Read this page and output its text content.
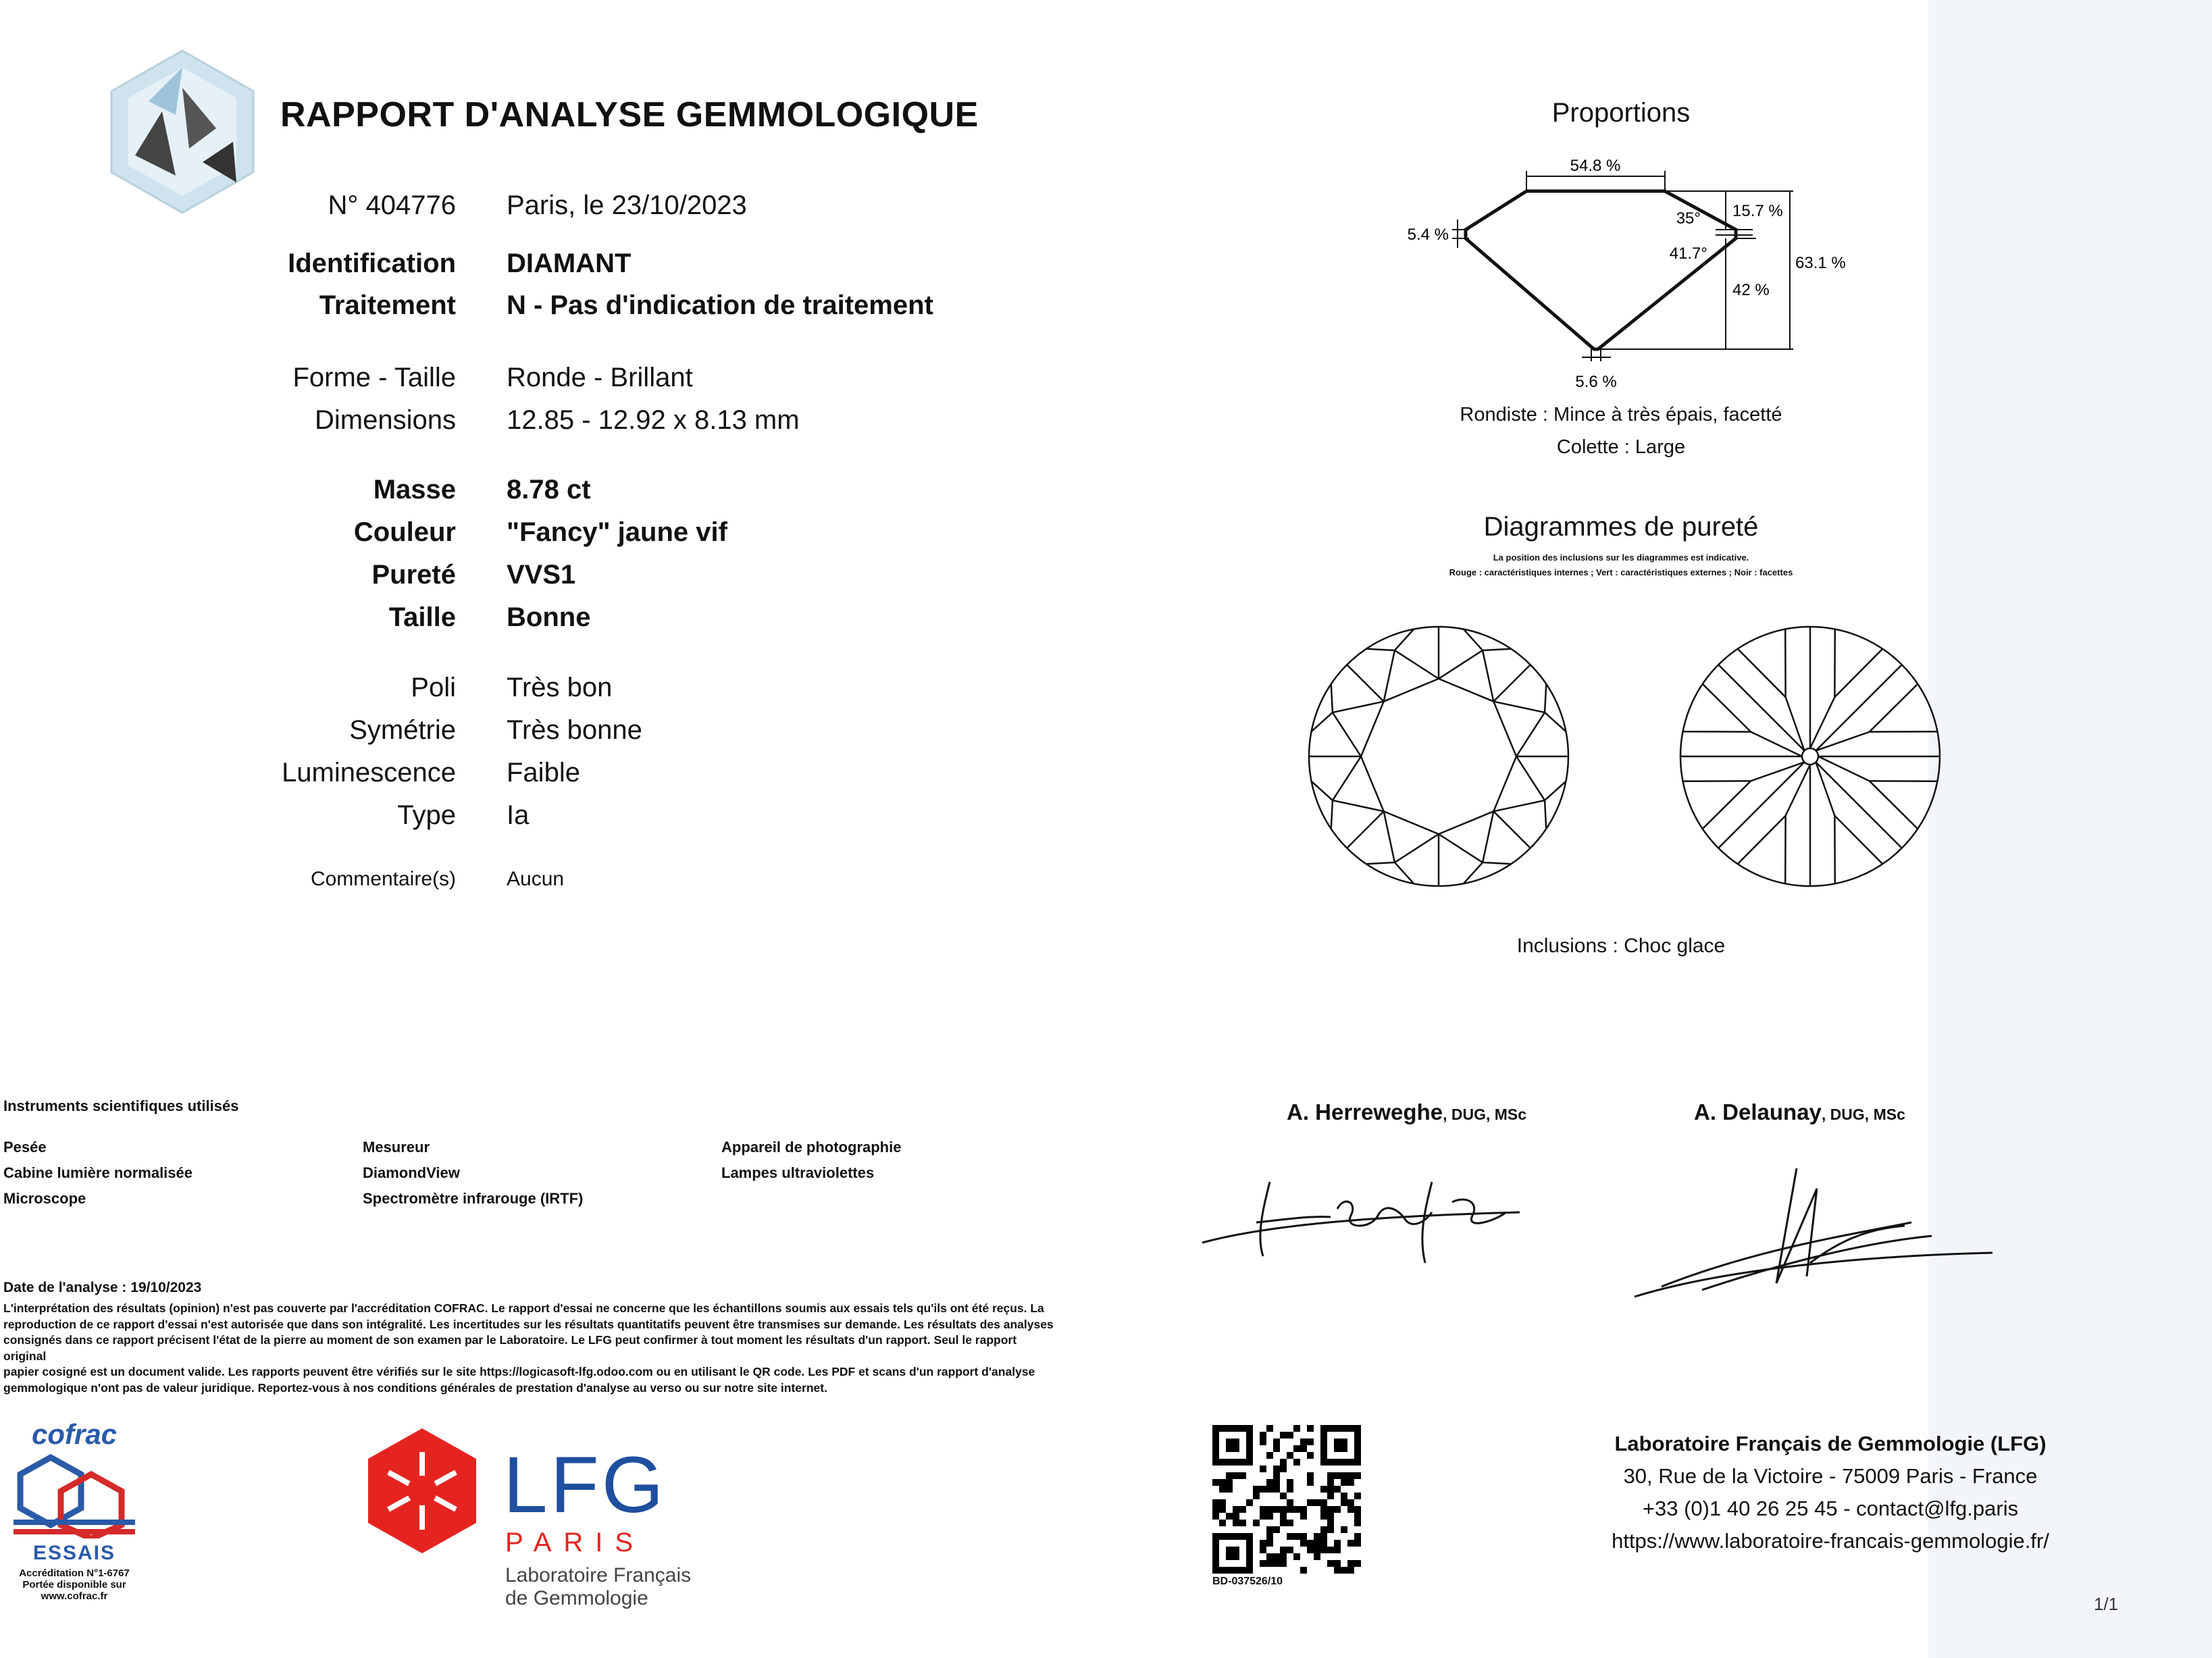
RAPPORT D'ANALYSE GEMMOLOGIQUE
N° 404776 Paris, le 23/10/2023
Identification DIAMANT
Traitement N - Pas d'indication de traitement
Forme - Taille Ronde - Brillant
Dimensions 12.85 - 12.92 x 8.13 mm
Masse 8.78 ct
Couleur "Fancy" jaune vif
Pureté VVS1
Taille Bonne
Poli Très bon
Symétrie Très bonne
Luminescence Faible
Type Ia
Commentaire(s)	Aucun
Proportions
54.8 %
5.4 %
35°
41.7°
15.7 %
42 %
63.1 %
5.6 %
Rondiste : Mince à très épais, facetté
Colette : Large
Diagrammes de pureté
La position des inclusions sur les diagrammes est indicative.
Rouge : caractéristiques internes ; Vert : caractéristiques externes ; Noir : facettes
Inclusions : Choc glace
Instruments scientifiques utilisés
Pesée
Cabine lumière normalisée
Microscope
Mesureur
DiamondView
Spectromètre infrarouge (IRTF)
Appareil de photographie
Lampes ultraviolettes
A. Herreweghe, DUG, MSc	A. Delaunay, DUG, MSc
Date de l'analyse : 19/10/2023
L'interprétation des résultats (opinion) n'est pas couverte par l'accréditation COFRAC. Le rapport d'essai ne concerne que les échantillons soumis aux essais tels qu'ils ont été reçus. La
reproduction de ce rapport d'essai n'est autorisée que dans son intégralité. Les incertitudes sur les résultats quantitatifs peuvent être transmises sur demande. Les résultats des analyses
consignés dans ce rapport précisent l'état de la pierre au moment de son examen par le Laboratoire. Le LFG peut confirmer à tout moment les résultats d'un rapport. Seul le rapport original
papier cosigné est un document valide. Les rapports peuvent être vérifiés sur le site https://logicasoft-lfg.odoo.com ou en utilisant le QR code. Les PDF et scans d'un rapport d'analyse
gemmologique n'ont pas de valeur juridique. Reportez-vous à nos conditions générales de prestation d'analyse au verso ou sur notre site internet.
cofrac
ESSAIS
Accréditation N°1-6767
Portée disponible sur
www.cofrac.fr
LFG
PARIS
Laboratoire Français
de Gemmologie
BD-037526/10
Laboratoire Français de Gemmologie (LFG)
30, Rue de la Victoire - 75009 Paris - France
+33 (0)1 40 26 25 45 - contact@lfg.paris
https://www.laboratoire-francais-gemmologie.fr/
1/1
